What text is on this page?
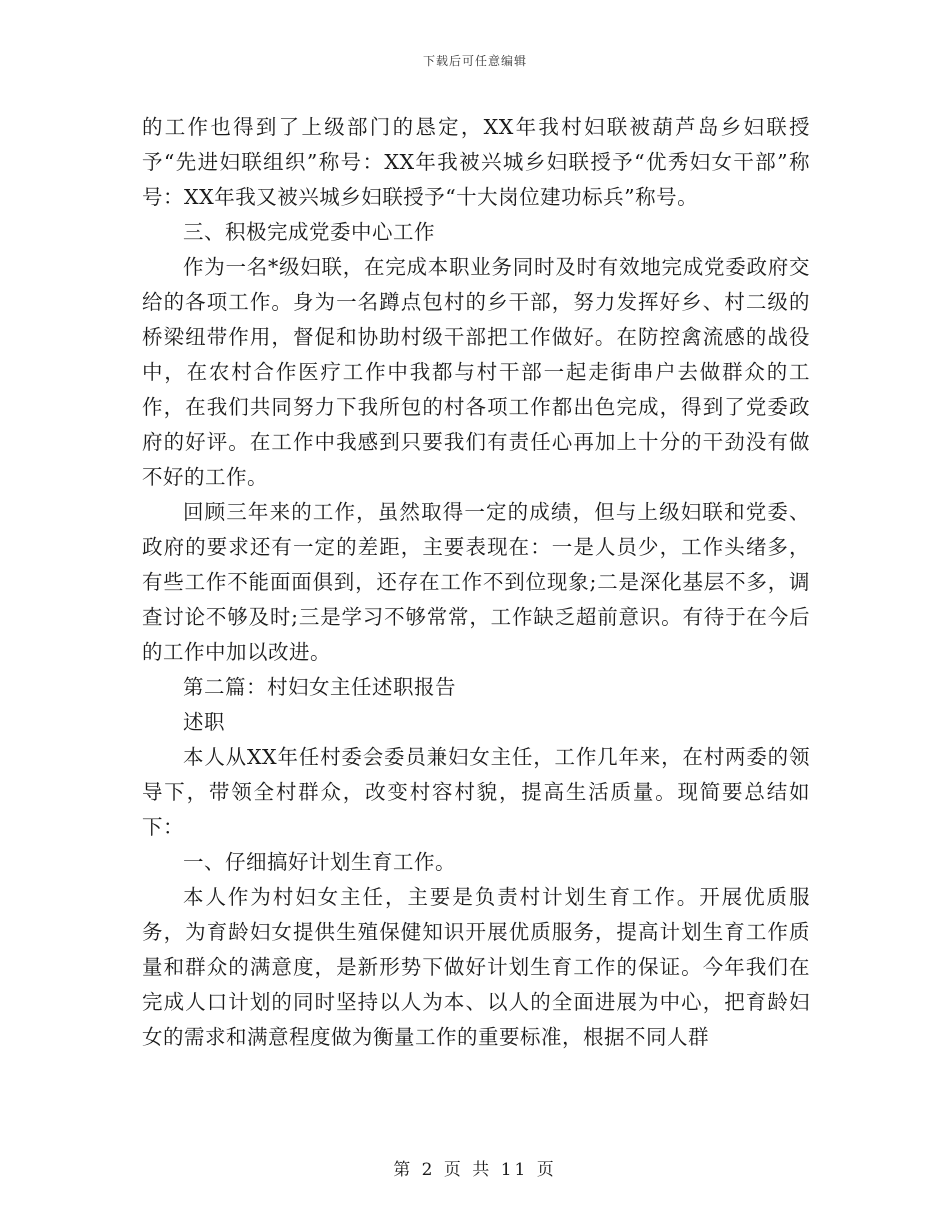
下载后可任意编辑

的工作也得到了上级部门的恳定，XX年我村妇联被葫芦岛乡妇联授予“先进妇联组织”称号：XX年我被兴城乡妇联授予“优秀妇女干部”称号：XX年我又被兴城乡妇联授予“十大岗位建功标兵”称号。

三、积极完成党委中心工作

作为一名*级妇联，在完成本职业务同时及时有效地完成党委政府交给的各项工作。身为一名蹲点包村的乡干部，努力发挥好乡、村二级的桥梁纽带作用，督促和协助村级干部把工作做好。在防控禽流感的战役中，在农村合作医疗工作中我都与村干部一起走街串户去做群众的工作，在我们共同努力下我所包的村各项工作都出色完成，得到了党委政府的好评。在工作中我感到只要我们有责任心再加上十分的干劲没有做不好的工作。

回顾三年来的工作，虽然取得一定的成绩，但与上级妇联和党委、政府的要求还有一定的差距，主要表现在：一是人员少，工作头绪多，有些工作不能面面俱到，还存在工作不到位现象;二是深化基层不多，调查讨论不够及时;三是学习不够常常，工作缺乏超前意识。有待于在今后的工作中加以改进。

第二篇：村妇女主任述职报告

述职

本人从XX年任村委会委员兼妇女主任，工作几年来，在村两委的领导下，带领全村群众，改变村容村貌，提高生活质量。现简要总结如下：

一、仔细搞好计划生育工作。

本人作为村妇女主任，主要是负责村计划生育工作。开展优质服务，为育龄妇女提供生殖保健知识开展优质服务，提高计划生育工作质量和群众的满意度，是新形势下做好计划生育工作的保证。今年我们在完成人口计划的同时坚持以人为本、以人的全面进展为中心，把育龄妇女的需求和满意程度做为衡量工作的重要标准，根据不同人群

第 2 页 共 11 页
